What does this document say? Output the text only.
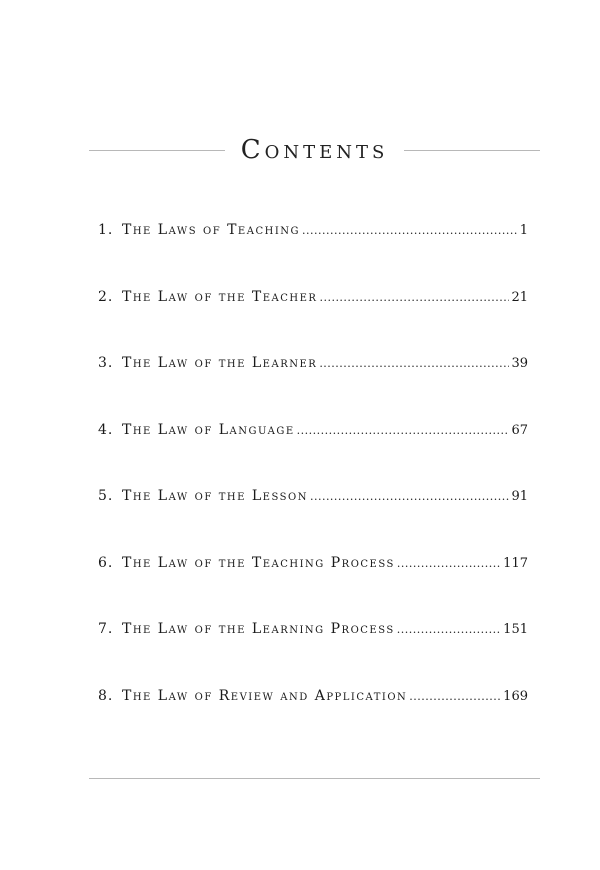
Contents
1. The Laws of Teaching .....	1
2. The Law of the Teacher .....	21
3. The Law of the Learner .....	39
4. The Law of Language .....	67
5. The Law of the Lesson .....	91
6. The Law of the Teaching Process .....	117
7. The Law of the Learning Process .....	151
8. The Law of Review and Application .....	169
